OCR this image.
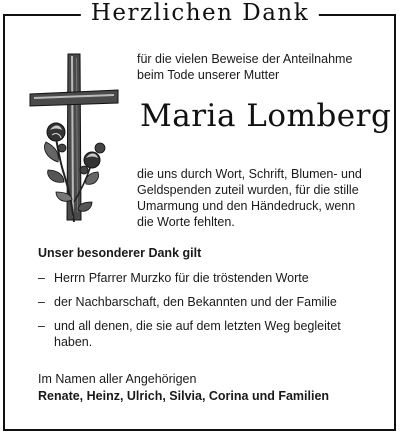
Herzlichen Dank
für die vielen Beweise der Anteilnahme
beim Tode unserer Mutter
Maria Lomberg
die uns durch Wort, Schrift, Blumen- und
Geldspenden zuteil wurden, für die stille
Umarmung und den Händedruck, wenn
die Worte fehlten.
Unser besonderer Dank gilt
– Herrn Pfarrer Murzko für die tröstenden Worte
– der Nachbarschaft, den Bekannten und der Familie
– und all denen, die sie auf dem letzten Weg begleitet haben.
Im Namen aller Angehörigen
Renate, Heinz, Ulrich, Silvia, Corina und Familien
